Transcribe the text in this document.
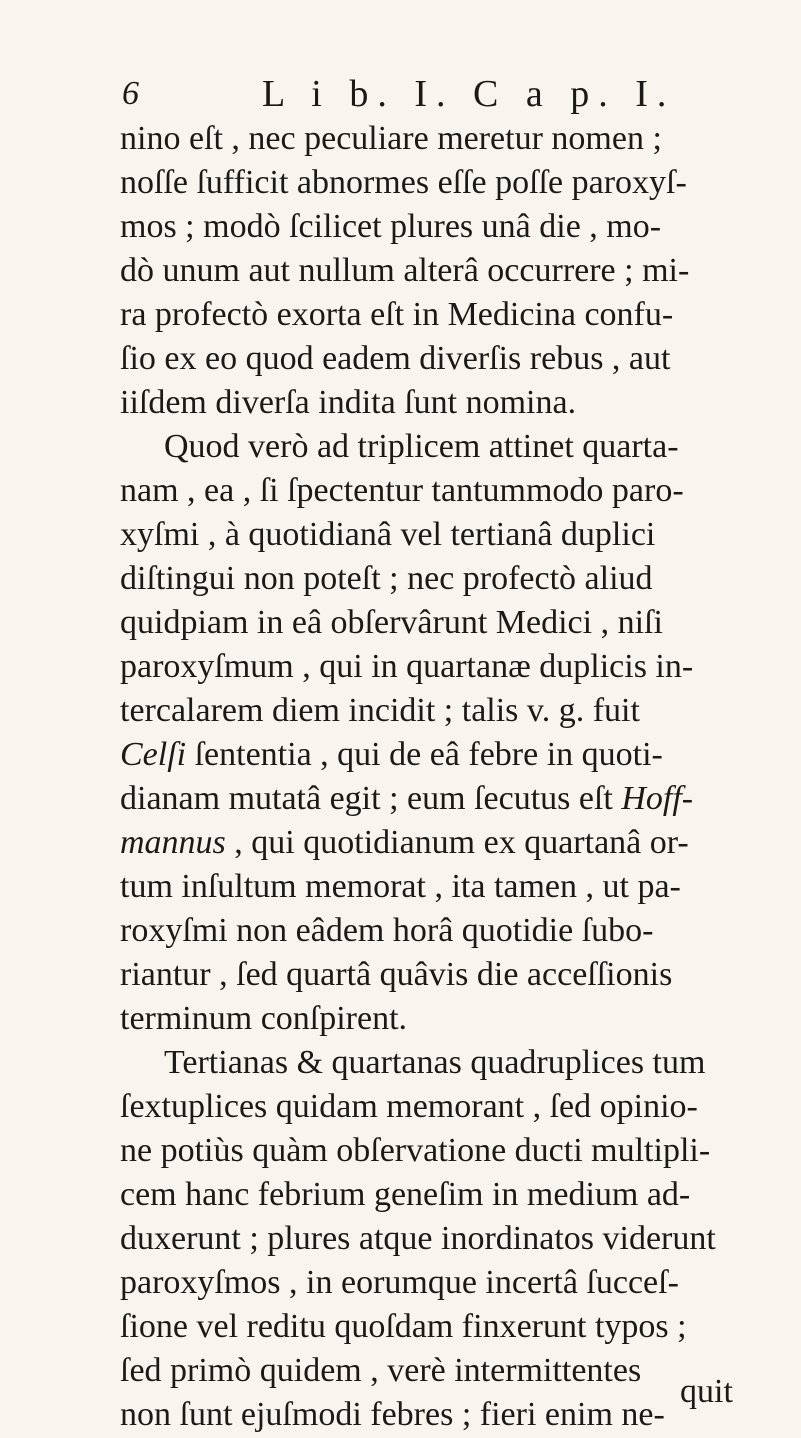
6	L i b. I. C a p. I.
nino eſt , nec peculiare meretur nomen ;
noſſe ſufficit abnormes eſſe poſſe paroxyſ-
mos ; modò ſcilicet plures unâ die , mo-
dò unum aut nullum alterâ occurrere ; mi-
ra profectò exorta eſt in Medicina confu-
ſio ex eo quod eadem diverſis rebus , aut
iiſdem diverſa indita ſunt nomina.
Quod verò ad triplicem attinet quarta-
nam , ea , ſi ſpectentur tantummodo paro-
xyſmi , à quotidianâ vel tertianâ duplici
diſtingui non poteſt ; nec profectò aliud
quidpiam in eâ obſervârunt Medici , niſi
paroxyſmum , qui in quartanæ duplicis in-
tercalarem diem incidit ; talis v. g. fuit
Celſi ſententia , qui de eâ febre in quoti-
dianam mutatâ egit ; eum ſecutus eſt Hoff-
mannus , qui quotidianum ex quartanâ or-
tum inſultum memorat , ita tamen , ut pa-
roxyſmi non eâdem horâ quotidie ſubo-
riantur , ſed quartâ quâvis die acceſſionis
terminum conſpirent.
Tertianas & quartanas quadruplices tum
ſextuplices quidam memorant , ſed opinio-
ne potiùs quàm obſervatione ducti multipli-
cem hanc febrium geneſim in medium ad-
duxerunt ; plures atque inordinatos viderunt
paroxyſmos , in eorumque incertâ ſucceſ-
ſione vel reditu quoſdam finxerunt typos ;
ſed primò quidem , verè intermittentes
non ſunt ejuſmodi febres ; fieri enim ne-
quit
